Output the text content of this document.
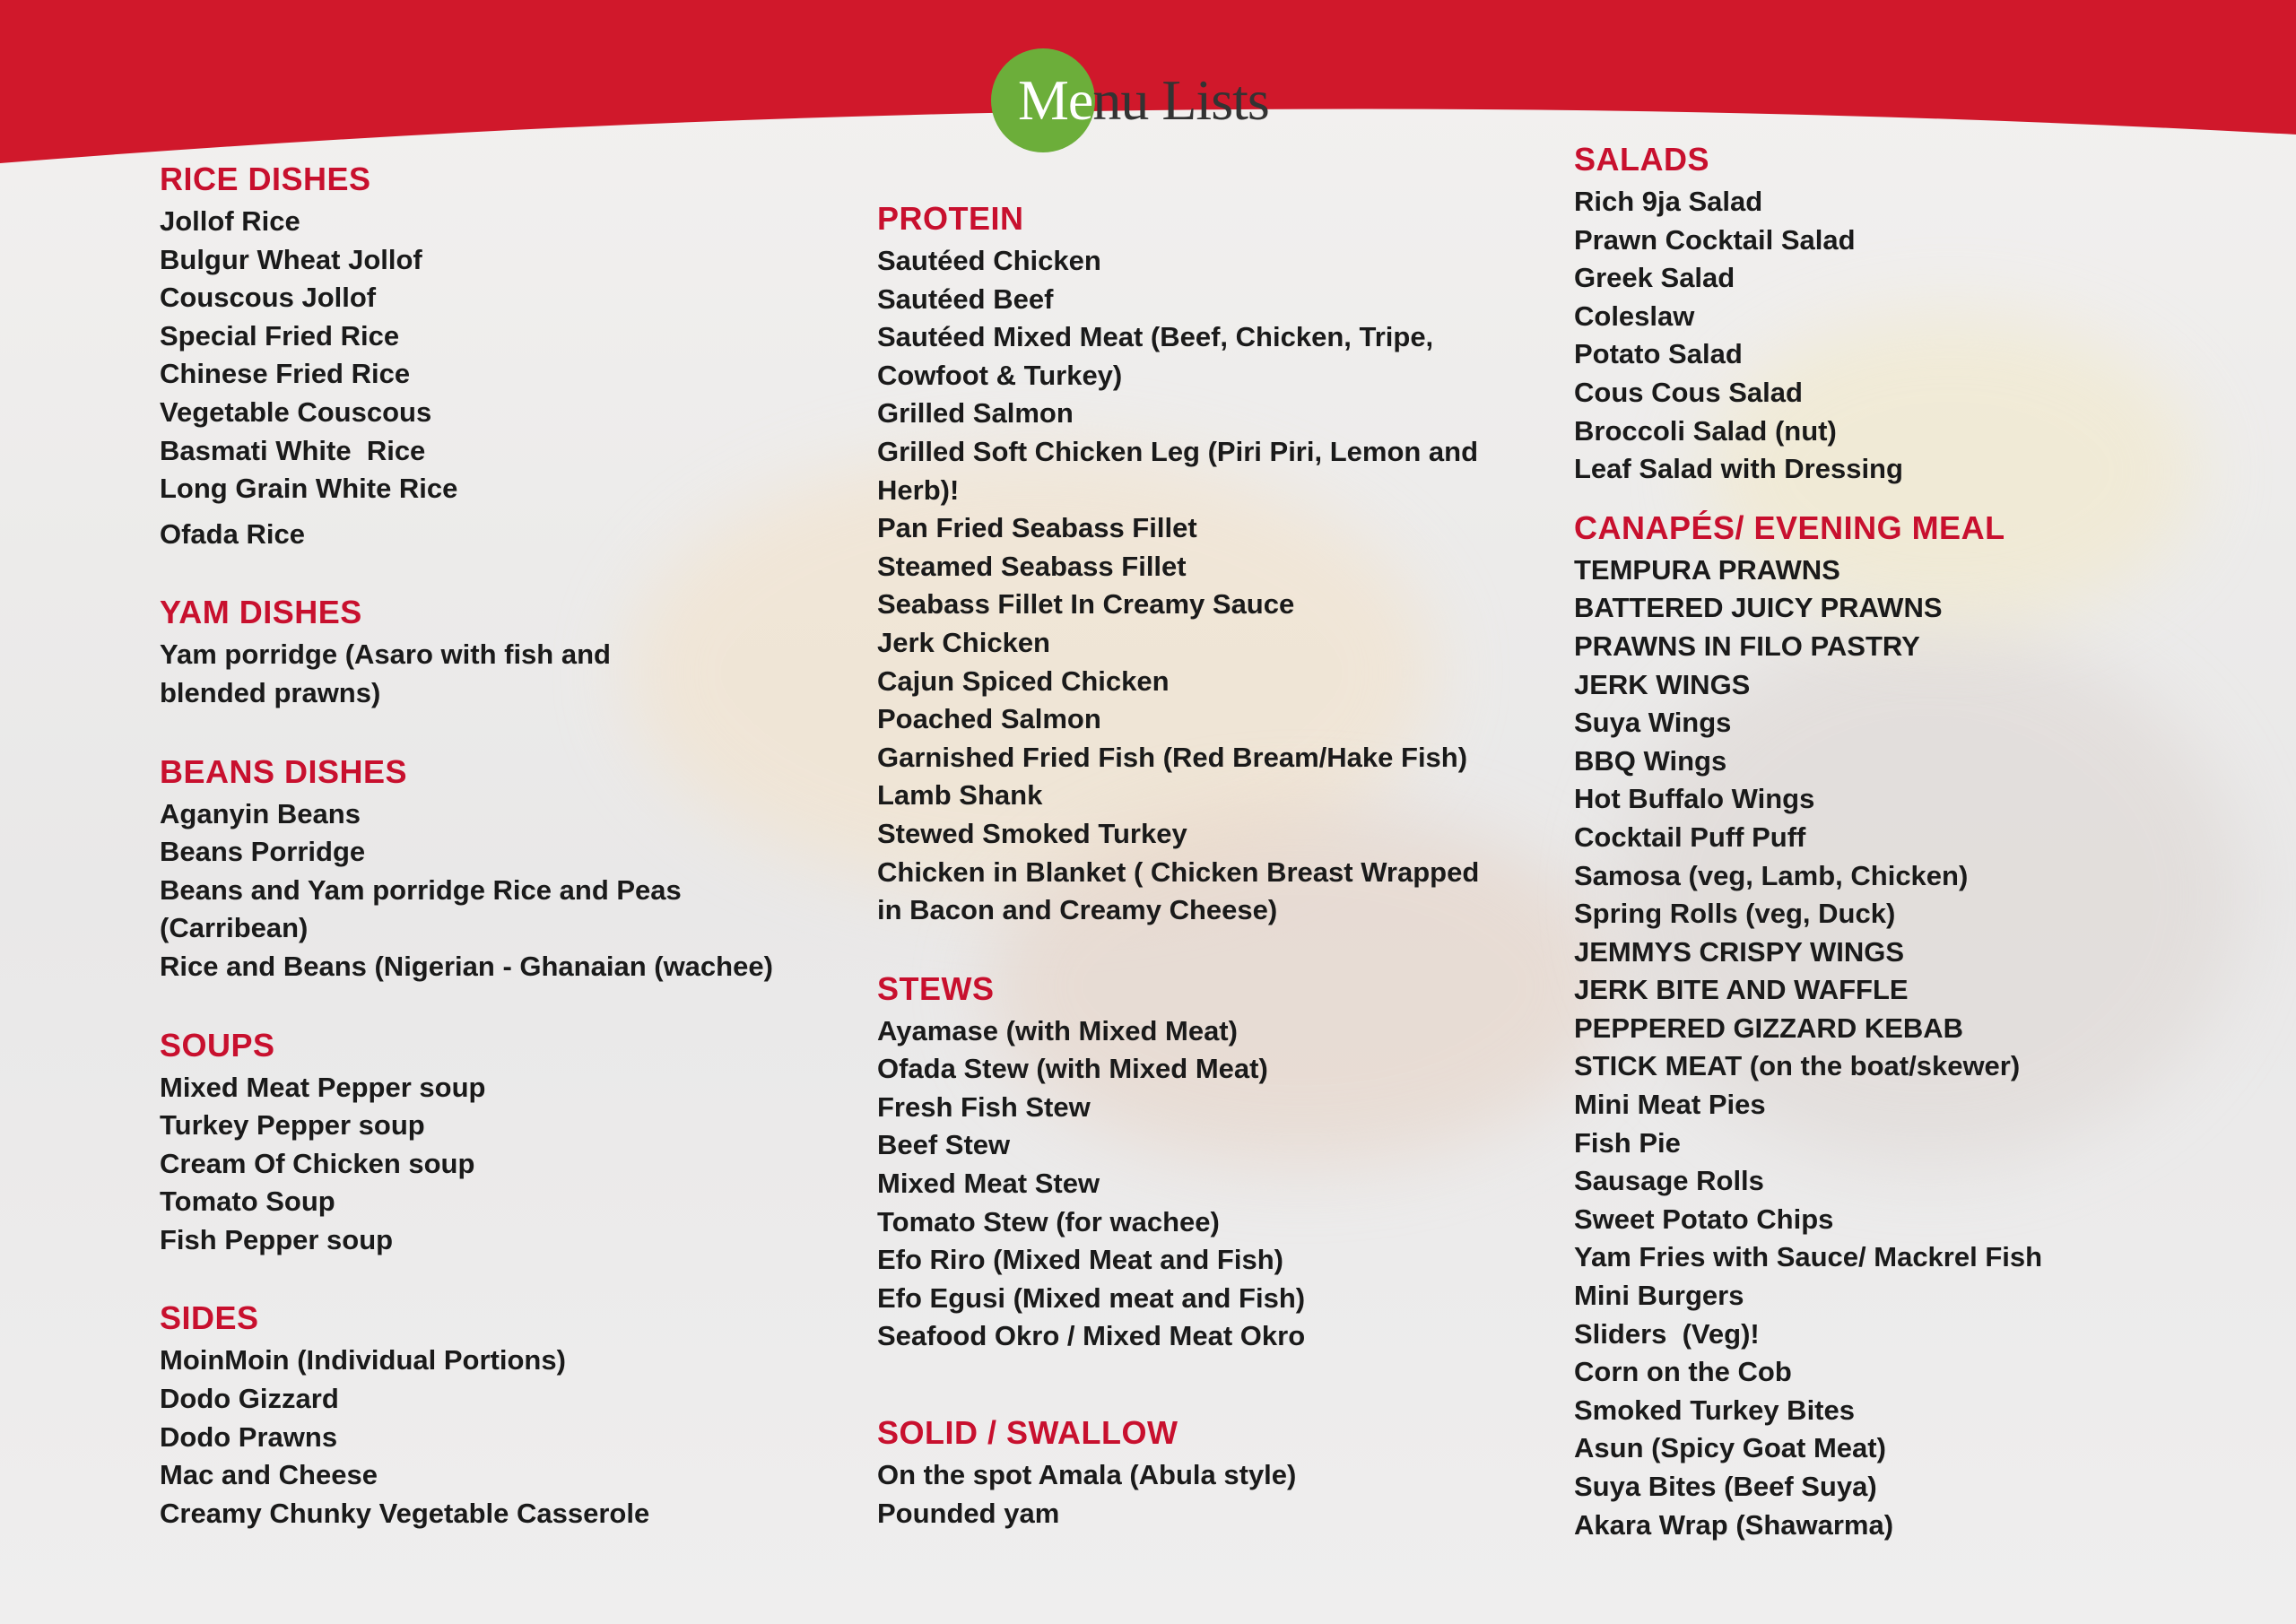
Menu Lists
RICE DISHES

Jollof Rice

Bulgur Wheat Jollof

Couscous Jollof

Special Fried Rice

Chinese Fried Rice

Vegetable Couscous

Basmati White  Rice

Long Grain White Rice

Ofada Rice

YAM DISHES

Yam porridge (Asaro with fish and blended prawns)

BEANS DISHES

Aganyin Beans

Beans Porridge

Beans and Yam porridge Rice and Peas (Carribean)

Rice and Beans (Nigerian - Ghanaian (wachee)

SOUPS

Mixed Meat Pepper soup

Turkey Pepper soup

Cream Of Chicken soup

Tomato Soup

Fish Pepper soup

SIDES

MoinMoin (Individual Portions)

Dodo Gizzard

Dodo Prawns

Mac and Cheese

Creamy Chunky Vegetable Casserole

PROTEIN

Sautéed Chicken

Sautéed Beef

Sautéed Mixed Meat (Beef, Chicken, Tripe, Cowfoot & Turkey)

Grilled Salmon

Grilled Soft Chicken Leg (Piri Piri, Lemon and Herb)!

Pan Fried Seabass Fillet

Steamed Seabass Fillet

Seabass Fillet In Creamy Sauce

Jerk Chicken

Cajun Spiced Chicken

Poached Salmon

Garnished Fried Fish (Red Bream/Hake Fish)

Lamb Shank

Stewed Smoked Turkey

Chicken in Blanket ( Chicken Breast Wrapped in Bacon and Creamy Cheese)

STEWS

Ayamase (with Mixed Meat)

Ofada Stew (with Mixed Meat)

Fresh Fish Stew

Beef Stew

Mixed Meat Stew

Tomato Stew (for wachee)

Efo Riro (Mixed Meat and Fish)

Efo Egusi (Mixed meat and Fish)

Seafood Okro / Mixed Meat Okro

SOLID / SWALLOW

On the spot Amala (Abula style)

Pounded yam

SALADS

Rich 9ja Salad

Prawn Cocktail Salad

Greek Salad

Coleslaw

Potato Salad

Cous Cous Salad

Broccoli Salad (nut)

Leaf Salad with Dressing

CANAPÉS/ EVENING MEAL

TEMPURA PRAWNS

BATTERED JUICY PRAWNS

PRAWNS IN FILO PASTRY

JERK WINGS

Suya Wings

BBQ Wings

Hot Buffalo Wings

Cocktail Puff Puff

Samosa (veg, Lamb, Chicken)

Spring Rolls (veg, Duck)

JEMMYS CRISPY WINGS

JERK BITE AND WAFFLE

PEPPERED GIZZARD KEBAB

STICK MEAT (on the boat/skewer)

Mini Meat Pies

Fish Pie

Sausage Rolls

Sweet Potato Chips

Yam Fries with Sauce/ Mackrel Fish

Mini Burgers

Sliders  (Veg)!

Corn on the Cob

Smoked Turkey Bites

Asun (Spicy Goat Meat)

Suya Bites (Beef Suya)

Akara Wrap (Shawarma)
